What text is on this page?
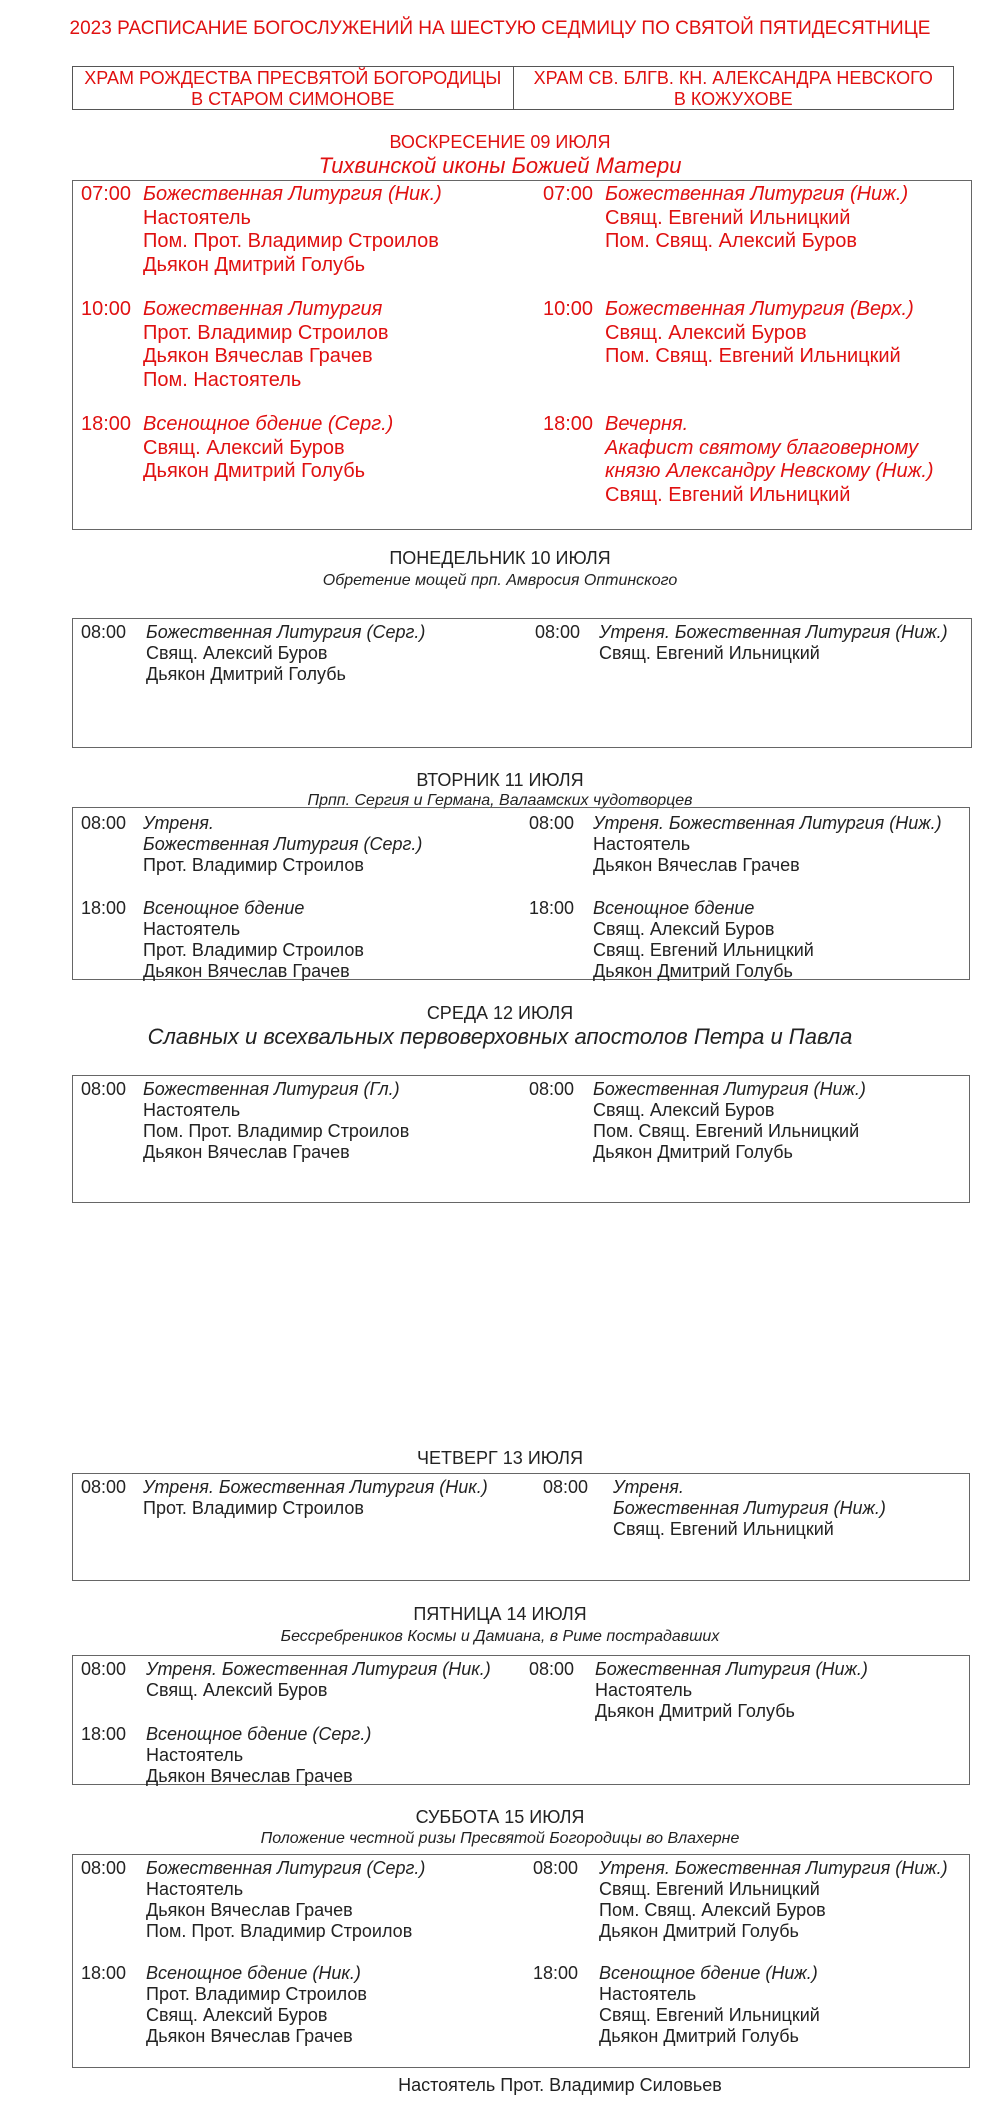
2023 РАСПИСАНИЕ БОГОСЛУЖЕНИЙ НА ШЕСТУЮ СЕДМИЦУ ПО СВЯТОЙ ПЯТИДЕСЯТНИЦЕ
ХРАМ РОЖДЕСТВА ПРЕСВЯТОЙ БОГОРОДИЦЫ
В СТАРОМ СИМОНОВЕ
ХРАМ СВ. БЛГВ. КН. АЛЕКСАНДРА НЕВСКОГО
В КОЖУХОВЕ
ВОСКРЕСЕНИЕ 09 ИЮЛЯ
Тихвинской иконы Божией Матери
07:00 Божественная Литургия (Ник.)
Настоятель
Пом. Прот. Владимир Строилов
Дьякон Дмитрий Голубь
10:00 Божественная Литургия
Прот. Владимир Строилов
Дьякон Вячеслав Грачев
Пом. Настоятель
18:00 Всенощное бдение (Серг.)
Свящ. Алексий Буров
Дьякон Дмитрий Голубь
07:00 Божественная Литургия (Ниж.)
Свящ. Евгений Ильницкий
Пом. Свящ. Алексий Буров
10:00 Божественная Литургия (Верх.)
Свящ. Алексий Буров
Пом. Свящ. Евгений Ильницкий
18:00 Вечерня.
Акафист святому благоверному
князю Александру Невскому (Ниж.)
Свящ. Евгений Ильницкий
ПОНЕДЕЛЬНИК 10 ИЮЛЯ
Обретение мощей прп. Амвросия Оптинского
08:00 Божественная Литургия (Серг.)
Свящ. Алексий Буров
Дьякон Дмитрий Голубь
08:00 Утреня. Божественная Литургия (Ниж.)
Свящ. Евгений Ильницкий
ВТОРНИК 11 ИЮЛЯ
Прпп. Сергия и Германа, Валаамских чудотворцев
08:00 Утреня.
Божественная Литургия (Серг.)
Прот. Владимир Строилов
18:00 Всенощное бдение
Настоятель
Прот. Владимир Строилов
Дьякон Вячеслав Грачев
08:00 Утреня. Божественная Литургия (Ниж.)
Настоятель
Дьякон Вячеслав Грачев
18:00 Всенощное бдение
Свящ. Алексий Буров
Свящ. Евгений Ильницкий
Дьякон Дмитрий Голубь
СРЕДА 12 ИЮЛЯ
Славных и всехвальных первоверховных апостолов Петра и Павла
08:00 Божественная Литургия (Гл.)
Настоятель
Пом. Прот. Владимир Строилов
Дьякон Вячеслав Грачев
08:00 Божественная Литургия (Ниж.)
Свящ. Алексий Буров
Пом. Свящ. Евгений Ильницкий
Дьякон Дмитрий Голубь
ЧЕТВЕРГ 13 ИЮЛЯ
08:00 Утреня. Божественная Литургия (Ник.)
Прот. Владимир Строилов
08:00 Утреня.
Божественная Литургия (Ниж.)
Свящ. Евгений Ильницкий
ПЯТНИЦА 14 ИЮЛЯ
Бессребреников Космы и Дамиана, в Риме пострадавших
08:00 Утреня. Божественная Литургия (Ник.)
Свящ. Алексий Буров
18:00 Всенощное бдение (Серг.)
Настоятель
Дьякон Вячеслав Грачев
08:00 Божественная Литургия (Ниж.)
Настоятель
Дьякон Дмитрий Голубь
СУББОТА 15 ИЮЛЯ
Положение честной ризы Пресвятой Богородицы во Влахерне
08:00 Божественная Литургия (Серг.)
Настоятель
Дьякон Вячеслав Грачев
Пом. Прот. Владимир Строилов
18:00 Всенощное бдение (Ник.)
Прот. Владимир Строилов
Свящ. Алексий Буров
Дьякон Вячеслав Грачев
08:00 Утреня. Божественная Литургия (Ниж.)
Свящ. Евгений Ильницкий
Пом. Свящ. Алексий Буров
Дьякон Дмитрий Голубь
18:00 Всенощное бдение (Ниж.)
Настоятель
Свящ. Евгений Ильницкий
Дьякон Дмитрий Голубь
Настоятель Прот. Владимир Силовьев
